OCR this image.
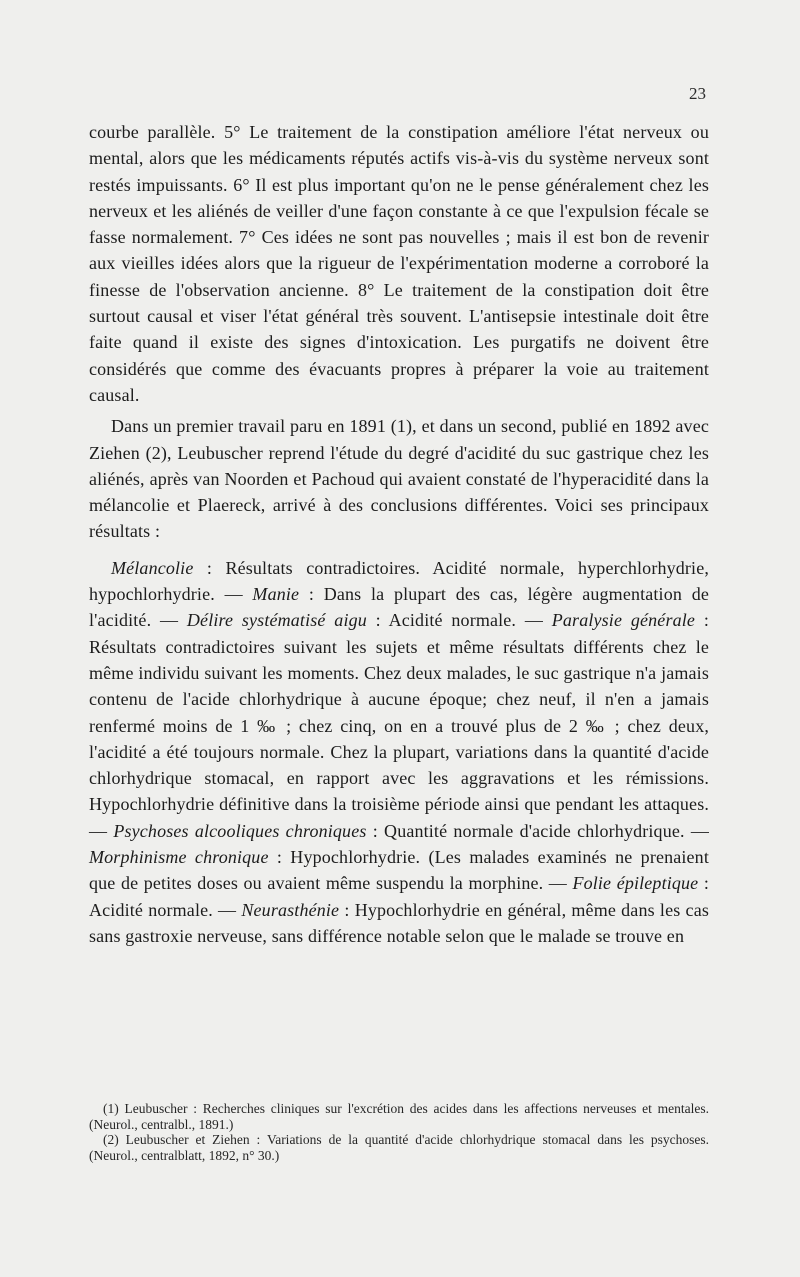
23

courbe parallèle. 5° Le traitement de la constipation améliore l'état nerveux ou mental, alors que les médicaments réputés actifs vis-à-vis du système nerveux sont restés impuissants. 6° Il est plus important qu'on ne le pense généralement chez les nerveux et les aliénés de veiller d'une façon constante à ce que l'expulsion fécale se fasse normalement. 7° Ces idées ne sont pas nouvelles ; mais il est bon de revenir aux vieilles idées alors que la rigueur de l'expérimentation moderne a corroboré la finesse de l'observation ancienne. 8° Le traitement de la constipation doit être surtout causal et viser l'état général très souvent. L'antisepsie intestinale doit être faite quand il existe des signes d'intoxication. Les purgatifs ne doivent être considérés que comme des évacuants propres à préparer la voie au traitement causal.

Dans un premier travail paru en 1891 (1), et dans un second, publié en 1892 avec Ziehen (2), Leubuscher reprend l'étude du degré d'acidité du suc gastrique chez les aliénés, après van Noorden et Pachoud qui avaient constaté de l'hyperacidité dans la mélancolie et Plaereck, arrivé à des conclusions différentes. Voici ses principaux résultats :

Mélancolie : Résultats contradictoires. Acidité normale, hyperchlorhydrie, hypochlorhydrie. — Manie : Dans la plupart des cas, légère augmentation de l'acidité. — Délire systématisé aigu : Acidité normale. — Paralysie générale : Résultats contradictoires suivant les sujets et même résultats différents chez le même individu suivant les moments. Chez deux malades, le suc gastrique n'a jamais contenu de l'acide chlorhydrique à aucune époque; chez neuf, il n'en a jamais renfermé moins de 1 ‰ ; chez cinq, on en a trouvé plus de 2 ‰ ; chez deux, l'acidité a été toujours normale. Chez la plupart, variations dans la quantité d'acide chlorhydrique stomacal, en rapport avec les aggravations et les rémissions. Hypochlorhydrie définitive dans la troisième période ainsi que pendant les attaques. — Psychoses alcooliques chroniques : Quantité normale d'acide chlorhydrique. — Morphinisme chronique : Hypochlorhydrie. (Les malades examinés ne prenaient que de petites doses ou avaient même suspendu la morphine. — Folie épileptique : Acidité normale. — Neurasthénie : Hypochlorhydrie en général, même dans les cas sans gastroxie nerveuse, sans différence notable selon que le malade se trouve en

(1) Leubuscher : Recherches cliniques sur l'excrétion des acides dans les affections nerveuses et mentales. (Neurol., centralbl., 1891.)

(2) Leubuscher et Ziehen : Variations de la quantité d'acide chlorhydrique stomacal dans les psychoses. (Neurol., centralblatt, 1892, n° 30.)
